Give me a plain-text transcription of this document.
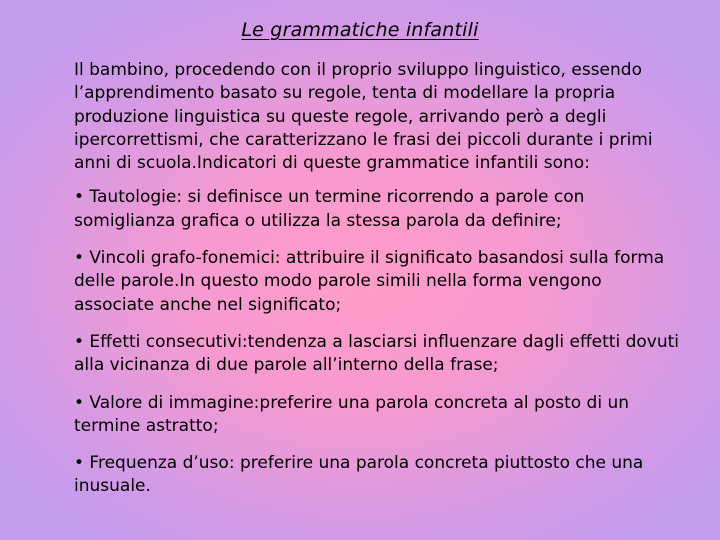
Le grammatiche infantili

Il bambino, procedendo con il proprio sviluppo linguistico, essendo l’apprendimento basato su regole, tenta di modellare la propria produzione linguistica su queste regole, arrivando però a degli ipercorrettismi, che caratterizzano le frasi dei piccoli durante i primi anni di scuola.Indicatori di queste grammatice infantili sono:

• Tautologie: si definisce un termine ricorrendo a parole con somiglianza grafica o utilizza la stessa parola da definire;

• Vincoli grafo-fonemici: attribuire il significato basandosi sulla forma delle parole.In questo modo parole simili nella forma vengono associate anche nel significato;

• Effetti consecutivi:tendenza a lasciarsi influenzare dagli effetti dovuti alla vicinanza di due parole all’interno della frase;

• Valore di immagine:preferire una parola concreta al posto di un termine astratto;

• Frequenza d’uso: preferire una parola concreta piuttosto che una inusuale.
